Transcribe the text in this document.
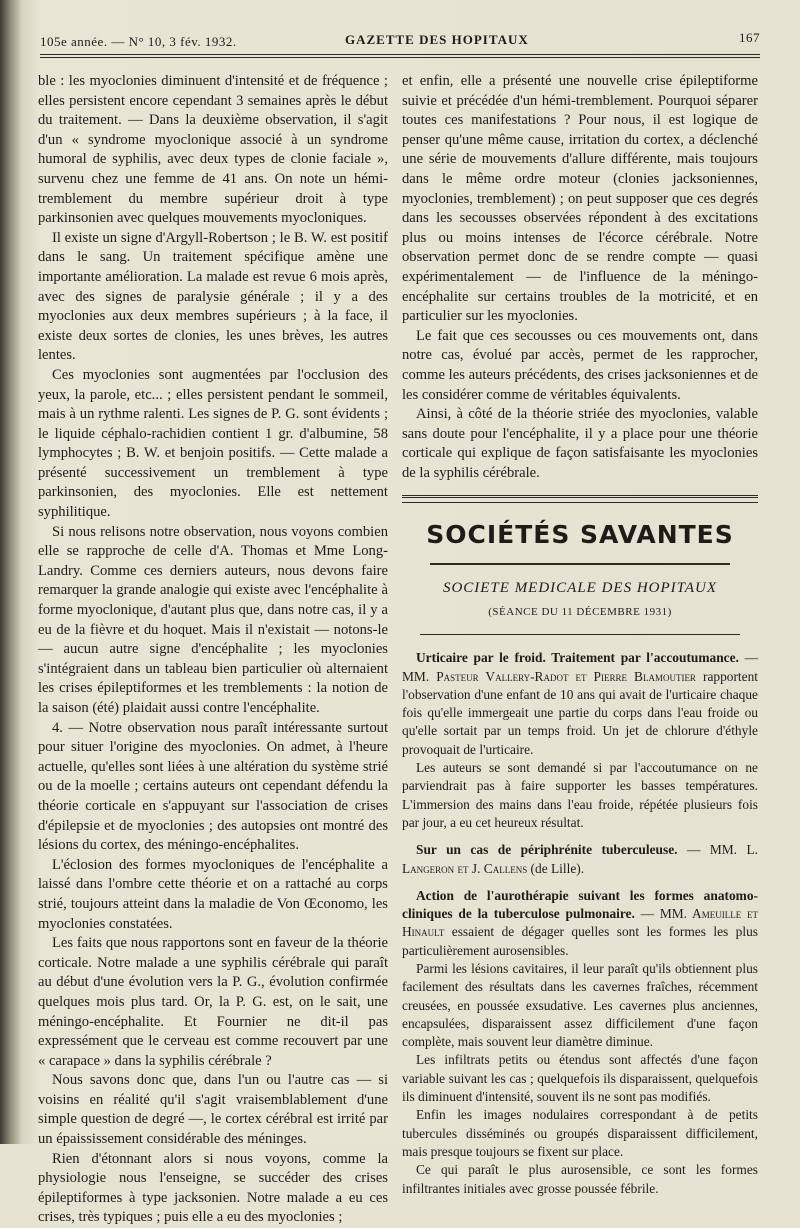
105e année. — N° 10, 3 fév. 1932.	GAZETTE DES HOPITAUX	167

ble : les myoclonies diminuent d'intensité et de fréquence ; elles persistent encore cependant 3 semaines après le début du traitement. — Dans la deuxième observation, il s'agit d'un « syndrome myoclonique associé à un syndrome humoral de syphilis, avec deux types de clonie faciale », survenu chez une femme de 41 ans. On note un hémi-tremblement du membre supérieur droit à type parkinsonien avec quelques mouvements myocloniques.

Il existe un signe d'Argyll-Robertson ; le B. W. est positif dans le sang. Un traitement spécifique amène une importante amélioration. La malade est revue 6 mois après, avec des signes de paralysie générale ; il y a des myoclonies aux deux membres supérieurs ; à la face, il existe deux sortes de clonies, les unes brèves, les autres lentes.

Ces myoclonies sont augmentées par l'occlusion des yeux, la parole, etc... ; elles persistent pendant le sommeil, mais à un rythme ralenti. Les signes de P. G. sont évidents ; le liquide céphalo-rachidien contient 1 gr. d'albumine, 58 lymphocytes ; B. W. et benjoin positifs. — Cette malade a présenté successivement un tremblement à type parkinsonien, des myoclonies. Elle est nettement syphilitique.

Si nous relisons notre observation, nous voyons combien elle se rapproche de celle d'A. Thomas et Mme Long-Landry. Comme ces derniers auteurs, nous devons faire remarquer la grande analogie qui existe avec l'encéphalite à forme myoclonique, d'autant plus que, dans notre cas, il y a eu de la fièvre et du hoquet. Mais il n'existait — notons-le — aucun autre signe d'encéphalite ; les myoclonies s'intégraient dans un tableau bien particulier où alternaient les crises épileptiformes et les tremblements : la notion de la saison (été) plaidait aussi contre l'encéphalite.

4. — Notre observation nous paraît intéressante surtout pour situer l'origine des myoclonies. On admet, à l'heure actuelle, qu'elles sont liées à une altération du système strié ou de la moelle ; certains auteurs ont cependant défendu la théorie corticale en s'appuyant sur l'association de crises d'épilepsie et de myoclonies ; des autopsies ont montré des lésions du cortex, des méningo-encéphalites.

L'éclosion des formes myocloniques de l'encéphalite a laissé dans l'ombre cette théorie et on a rattaché au corps strié, toujours atteint dans la maladie de Von Œconomo, les myoclonies constatées.

Les faits que nous rapportons sont en faveur de la théorie corticale. Notre malade a une syphilis cérébrale qui paraît au début d'une évolution vers la P. G., évolution confirmée quelques mois plus tard. Or, la P. G. est, on le sait, une méningo-encéphalite. Et Fournier ne dit-il pas expressément que le cerveau est comme recouvert par une « carapace » dans la syphilis cérébrale ?

Nous savons donc que, dans l'un ou l'autre cas — si voisins en réalité qu'il s'agit vraisemblablement d'une simple question de degré —, le cortex cérébral est irrité par un épaississement considérable des méninges.

Rien d'étonnant alors si nous voyons, comme la physiologie nous l'enseigne, se succéder des crises épileptiformes à type jacksonien. Notre malade a eu ces crises, très typiques ; puis elle a eu des myoclonies ;

et enfin, elle a présenté une nouvelle crise épileptiforme suivie et précédée d'un hémi-tremblement. Pourquoi séparer toutes ces manifestations ? Pour nous, il est logique de penser qu'une même cause, irritation du cortex, a déclenché une série de mouvements d'allure différente, mais toujours dans le même ordre moteur (clonies jacksoniennes, myoclonies, tremblement) ; on peut supposer que ces degrés dans les secousses observées répondent à des excitations plus ou moins intenses de l'écorce cérébrale. Notre observation permet donc de se rendre compte — quasi expérimentalement — de l'influence de la méningo-encéphalite sur certains troubles de la motricité, et en particulier sur les myoclonies.

Le fait que ces secousses ou ces mouvements ont, dans notre cas, évolué par accès, permet de les rapprocher, comme les auteurs précédents, des crises jacksoniennes et de les considérer comme de véritables équivalents.

Ainsi, à côté de la théorie striée des myoclonies, valable sans doute pour l'encéphalite, il y a place pour une théorie corticale qui explique de façon satisfaisante les myoclonies de la syphilis cérébrale.

SOCIÉTÉS SAVANTES
SOCIETE MEDICALE DES HOPITAUX
(SÉANCE DU 11 DÉCEMBRE 1931)

Urticaire par le froid. Traitement par l'accoutumance. — MM. Pasteur Vallery-Radot et Pierre Blamoutier rapportent l'observation d'une enfant de 10 ans qui avait de l'urticaire chaque fois qu'elle immergeait une partie du corps dans l'eau froide ou qu'elle sortait par un temps froid. Un jet de chlorure d'éthyle provoquait de l'urticaire.

Les auteurs se sont demandé si par l'accoutumance on ne parviendrait pas à faire supporter les basses températures. L'immersion des mains dans l'eau froide, répétée plusieurs fois par jour, a eu cet heureux résultat.

Sur un cas de périphrénite tuberculeuse. — MM. L. Langeron et J. Callens (de Lille).

Action de l'aurothérapie suivant les formes anatomo-cliniques de la tuberculose pulmonaire. — MM. Ameuille et Hinault essaient de dégager quelles sont les formes les plus particulièrement aurosensibles.

Parmi les lésions cavitaires, il leur paraît qu'ils obtiennent plus facilement des résultats dans les cavernes fraîches, récemment creusées, en poussée exsudative. Les cavernes plus anciennes, encapsulées, disparaissent assez difficilement d'une façon complète, mais souvent leur diamètre diminue.

Les infiltrats petits ou étendus sont affectés d'une façon variable suivant les cas ; quelquefois ils disparaissent, quelquefois ils diminuent d'intensité, souvent ils ne sont pas modifiés.

Enfin les images nodulaires correspondant à de petits tubercules disséminés ou groupés disparaissent difficilement, mais presque toujours se fixent sur place.

Ce qui paraît le plus aurosensible, ce sont les formes infiltrantes initiales avec grosse poussée fébrile.
